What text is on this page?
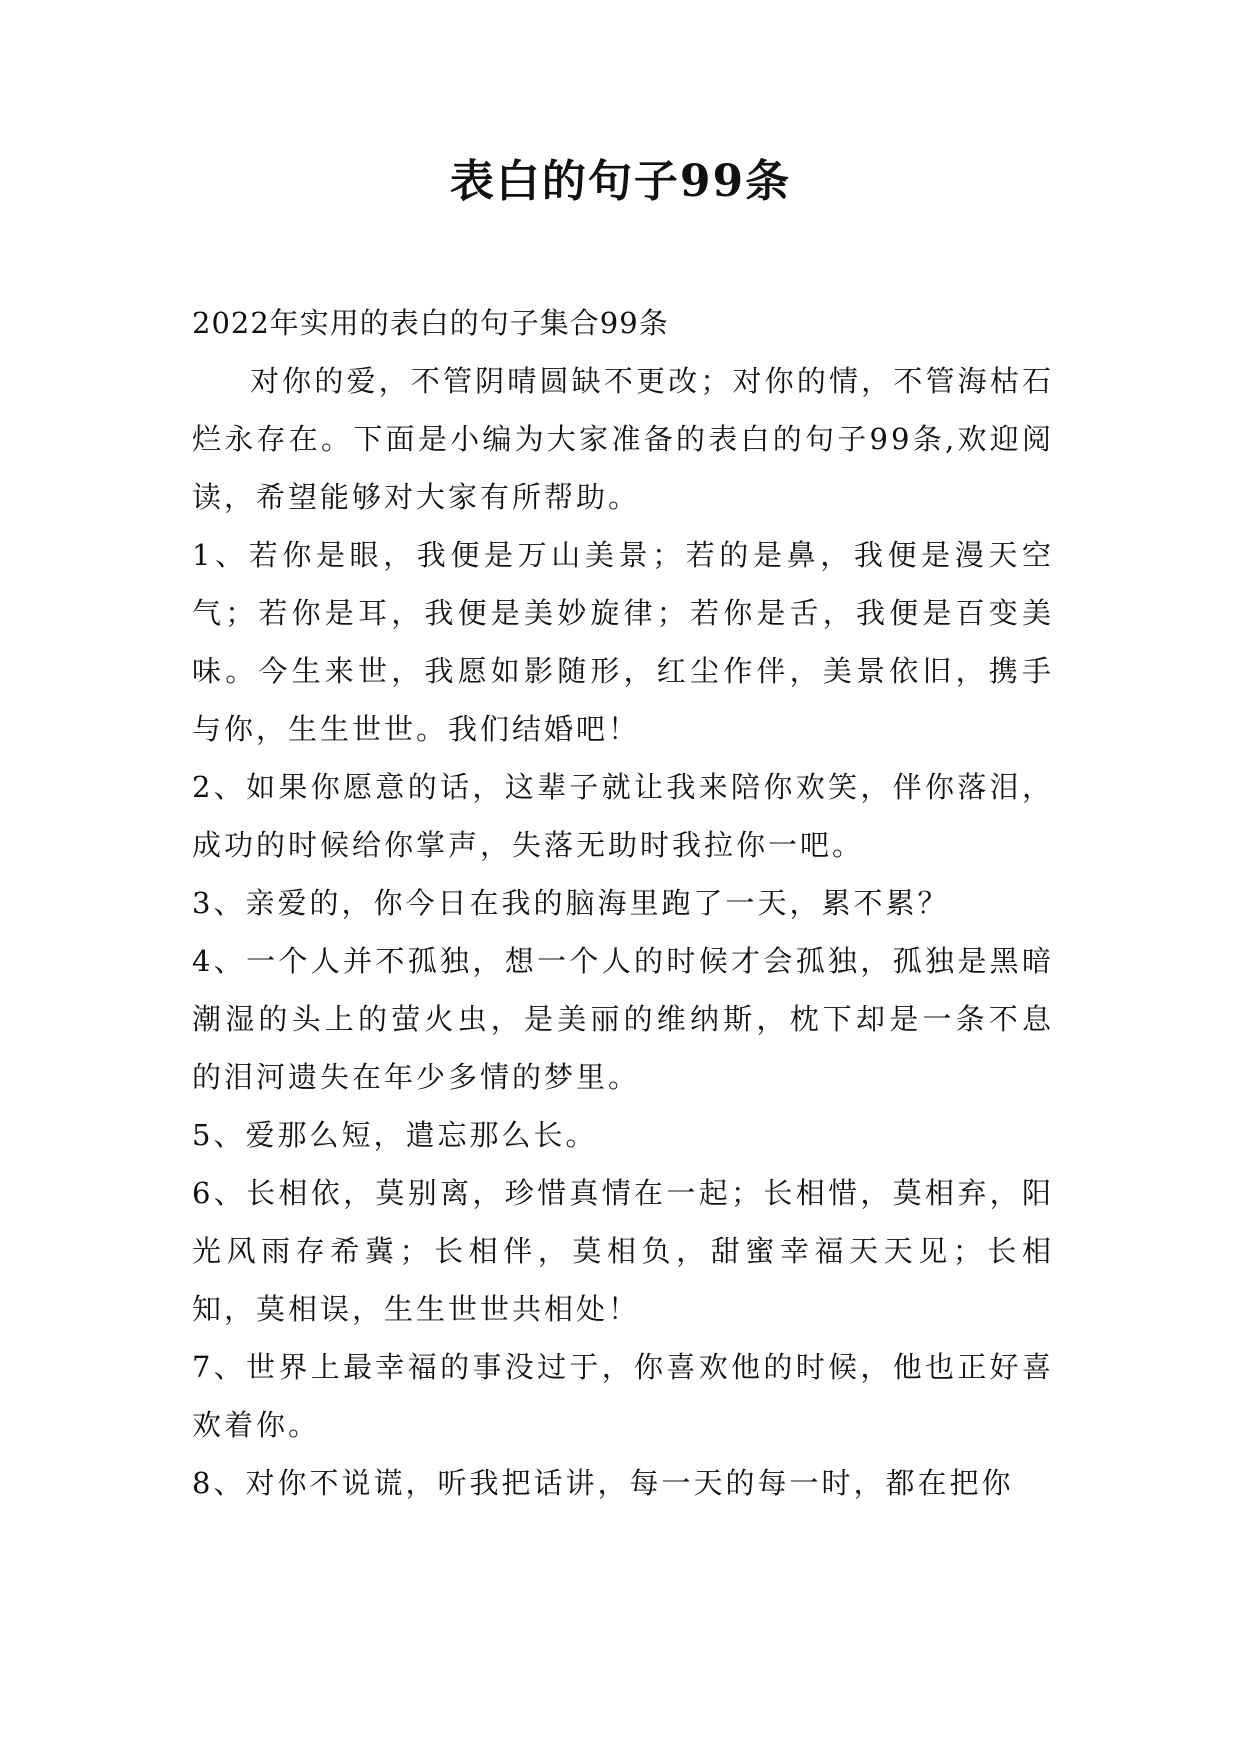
表白的句子99条

2022年实用的表白的句子集合99条

对你的爱，不管阴晴圆缺不更改；对你的情，不管海枯石烂永存在。下面是小编为大家准备的表白的句子99条,欢迎阅读，希望能够对大家有所帮助。

1、若你是眼，我便是万山美景；若的是鼻，我便是漫天空气；若你是耳，我便是美妙旋律；若你是舌，我便是百变美味。今生来世，我愿如影随形，红尘作伴，美景依旧，携手与你，生生世世。我们结婚吧！

2、如果你愿意的话，这辈子就让我来陪你欢笑，伴你落泪，成功的时候给你掌声，失落无助时我拉你一吧。

3、亲爱的，你今日在我的脑海里跑了一天，累不累？

4、一个人并不孤独，想一个人的时候才会孤独，孤独是黑暗潮湿的头上的萤火虫，是美丽的维纳斯，枕下却是一条不息的泪河遗失在年少多情的梦里。

5、爱那么短，遣忘那么长。

6、长相依，莫别离，珍惜真情在一起；长相惜，莫相弃，阳光风雨存希冀；长相伴，莫相负，甜蜜幸福天天见；长相知，莫相误，生生世世共相处！

7、世界上最幸福的事没过于，你喜欢他的时候，他也正好喜欢着你。

8、对你不说谎，听我把话讲，每一天的每一时，都在把你
